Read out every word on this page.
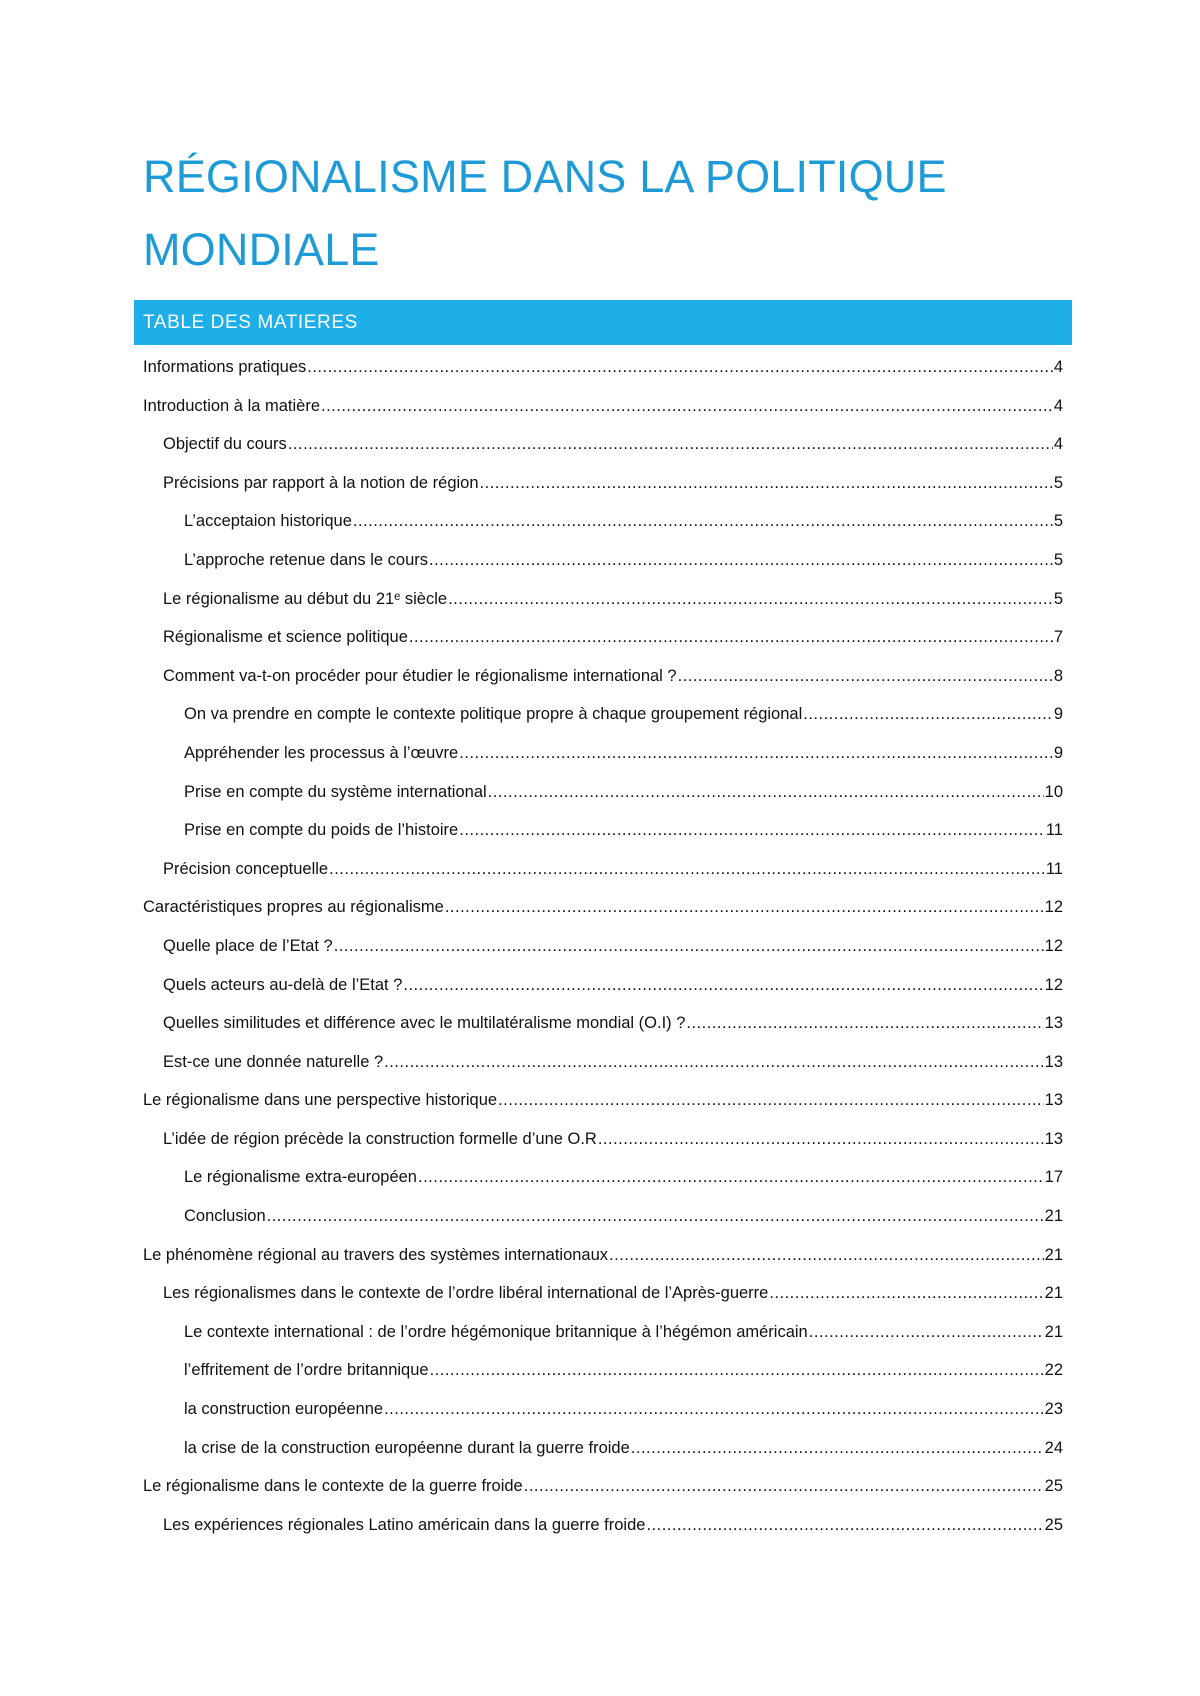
RÉGIONALISME DANS LA POLITIQUE
MONDIALE
TABLE DES MATIERES
Informations pratiques .....	4
Introduction à la matière .....	4
Objectif du cours .....	4
Précisions par rapport à la notion de région .....	5
L’acceptaion historique .....	5
L’approche retenue dans le cours .....	5
Le régionalisme au début du 21ᵉ siècle .....	5
Régionalisme et science politique .....	7
Comment va-t-on procéder pour étudier le régionalisme international ? .....	8
On va prendre en compte le contexte politique propre à chaque groupement régional .....	9
Appréhender les processus à l’œuvre .....	9
Prise en compte du système international .....	10
Prise en compte du poids de l’histoire .....	11
Précision conceptuelle .....	11
Caractéristiques propres au régionalisme .....	12
Quelle place de l’Etat ? .....	12
Quels acteurs au-delà de l’Etat ? .....	12
Quelles similitudes et différence avec le multilatéralisme mondial (O.I) ? .....	13
Est-ce une donnée naturelle ? .....	13
Le régionalisme dans une perspective historique .....	13
L’idée de région précède la construction formelle d’une O.R .....	13
Le régionalisme extra-européen .....	17
Conclusion .....	21
Le phénomène régional au travers des systèmes internationaux .....	21
Les régionalismes dans le contexte de l’ordre libéral international de l’Après-guerre .....	21
Le contexte international : de l’ordre hégémonique britannique à l’hégémon américain .....	21
l’effritement de l’ordre britannique .....	22
la construction européenne .....	23
la crise de la construction européenne durant la guerre froide .....	24
Le régionalisme dans le contexte de la guerre froide .....	25
Les expériences régionales Latino américain dans la guerre froide .....	25
